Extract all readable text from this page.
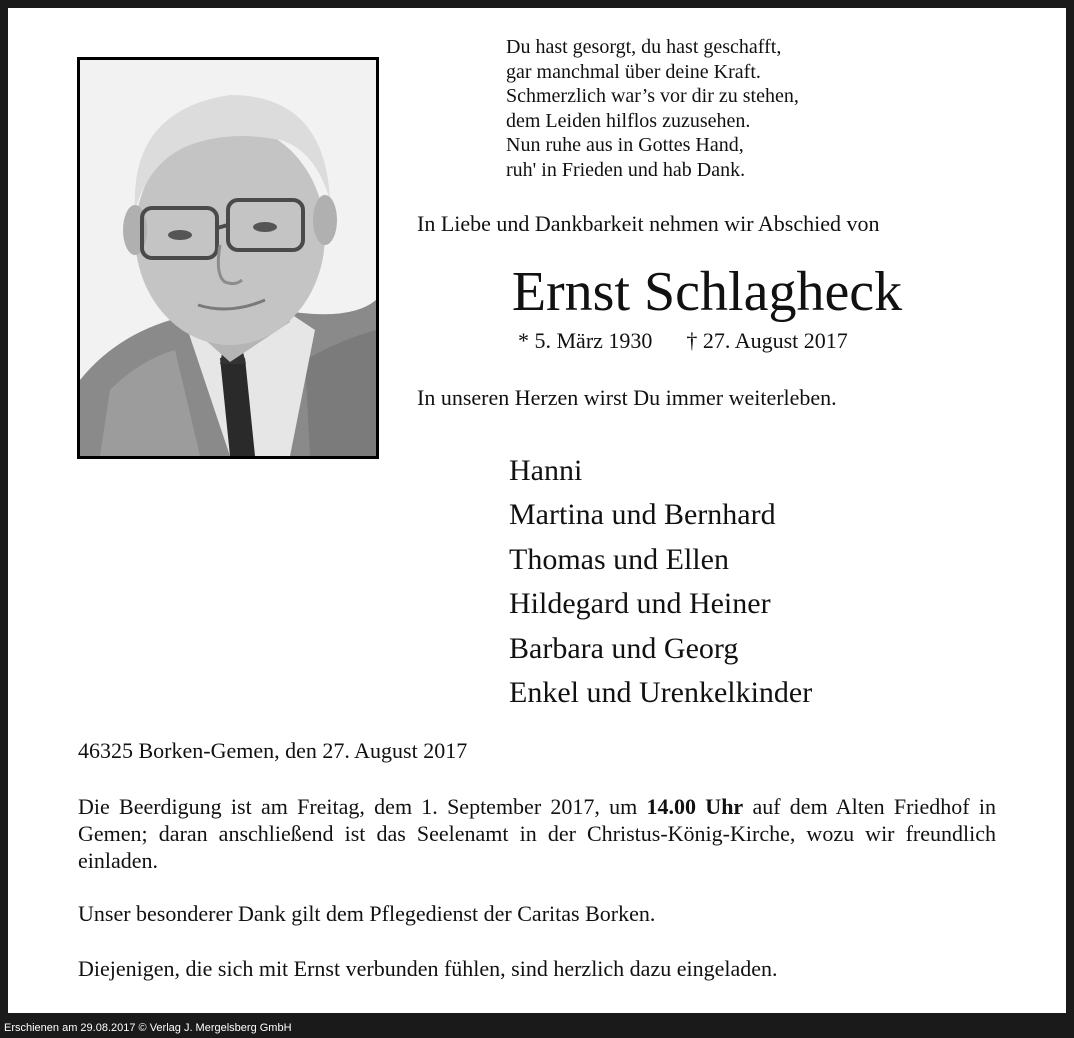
Du hast gesorgt, du hast geschafft,
gar manchmal über deine Kraft.
Schmerzlich war’s vor dir zu stehen,
dem Leiden hilflos zuzusehen.
Nun ruhe aus in Gottes Hand,
ruh' in Frieden und hab Dank.
In Liebe und Dankbarkeit nehmen wir Abschied von
Ernst Schlagheck
* 5. März 1930 † 27. August 2017
In unseren Herzen wirst Du immer weiterleben.
Hanni
Martina und Bernhard
Thomas und Ellen
Hildegard und Heiner
Barbara und Georg
Enkel und Urenkelkinder
46325 Borken-Gemen, den 27. August 2017
Die Beerdigung ist am Freitag, dem 1. September 2017, um 14.00 Uhr auf dem Alten Friedhof in Gemen; daran anschließend ist das Seelenamt in der Christus-König-Kirche, wozu wir freundlich einladen.
Unser besonderer Dank gilt dem Pflegedienst der Caritas Borken.
Diejenigen, die sich mit Ernst verbunden fühlen, sind herzlich dazu eingeladen.
Erschienen am 29.08.2017 © Verlag J. Mergelsberg GmbH
